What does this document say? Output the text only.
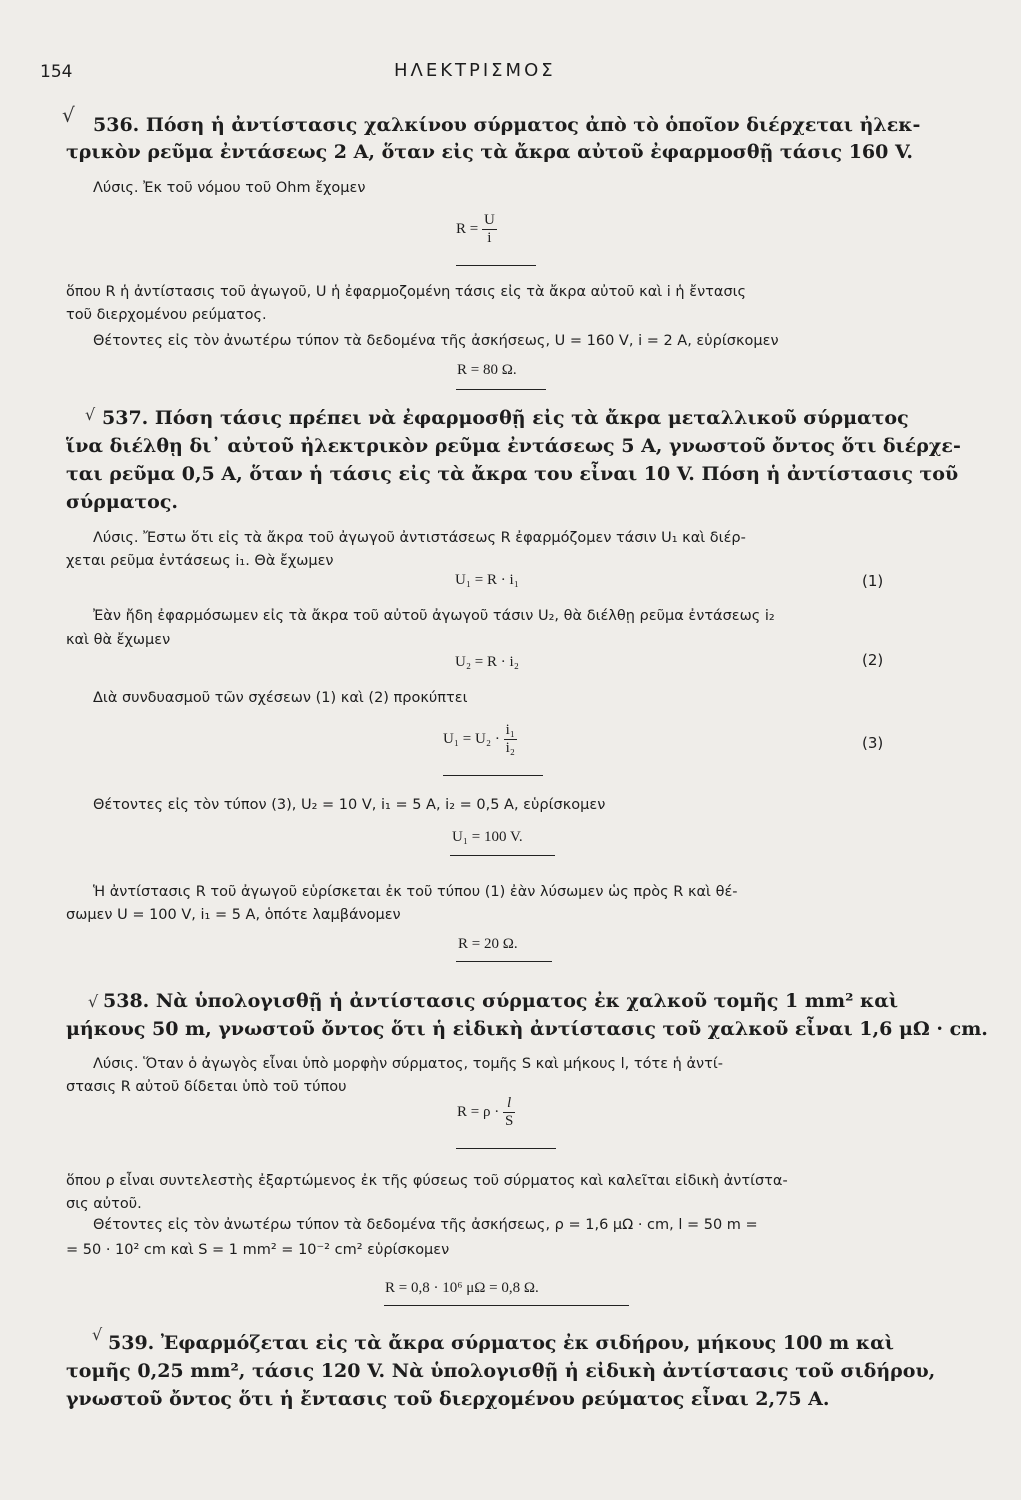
154	ΗΛΕΚΤΡΙΣΜΟΣ
√ 536. Πόση ἡ ἀντίστασις χαλκίνου σύρματος ἀπὸ τὸ ὁποῖον διέρχεται ἠλεκ-
τρικὸν ρεῦμα ἐντάσεως 2 Α, ὅταν εἰς τὰ ἄκρα αὐτοῦ ἐφαρμοσθῇ τάσις 160 V.
Λύσις. Ἐκ τοῦ νόμου τοῦ Ohm ἔχομεν
$R = \frac{U}{i}$
ὅπου R ἡ ἀντίστασις τοῦ ἀγωγοῦ, U ἡ ἐφαρμοζομένη τάσις εἰς τὰ ἄκρα αὐτοῦ καὶ i ἡ ἔντασις
τοῦ διερχομένου ρεύματος.
Θέτοντες εἰς τὸν ἀνωτέρω τύπον τὰ δεδομένα τῆς ἀσκήσεως, U = 160 V, i = 2 A, εὑρίσκομεν
R = 80 Ω.
√ 537. Πόση τάσις πρέπει νὰ ἐφαρμοσθῇ εἰς τὰ ἄκρα μεταλλικοῦ σύρματος
ἵνα διέλθῃ δι᾽ αὐτοῦ ἠλεκτρικὸν ρεῦμα ἐντάσεως 5 Α, γνωστοῦ ὄντος ὅτι διέρχε-
ται ρεῦμα 0,5 Α, ὅταν ἡ τάσις εἰς τὰ ἄκρα του εἶναι 10 V. Πόση ἡ ἀντίστασις τοῦ
σύρματος.
Λύσις. Ἔστω ὅτι εἰς τὰ ἄκρα τοῦ ἀγωγοῦ ἀντιστάσεως R ἐφαρμόζομεν τάσιν U₁ καὶ διέρ-
χεται ρεῦμα ἐντάσεως i₁. Θὰ ἔχωμεν
U₁ = R · i₁	(1)
Ἐὰν ἤδη ἐφαρμόσωμεν εἰς τὰ ἄκρα τοῦ αὐτοῦ ἀγωγοῦ τάσιν U₂, θὰ διέλθῃ ρεῦμα ἐντάσεως i₂
καὶ θὰ ἔχωμεν
U₂ = R · i₂	(2)
Διὰ συνδυασμοῦ τῶν σχέσεων (1) καὶ (2) προκύπτει
$U_1 = U_2 \cdot \frac{\text{i₁}}{\text{i₂}}$	(3)
Θέτοντες εἰς τὸν τύπον (3), U₂ = 10 V, i₁ = 5 A, i₂ = 0,5 A, εὑρίσκομεν
U₁ = 100 V.
Ἡ ἀντίστασις R τοῦ ἀγωγοῦ εὑρίσκεται ἐκ τοῦ τύπου (1) ἐὰν λύσωμεν ὡς πρὸς R καὶ θέ-
σωμεν U = 100 V, i₁ = 5 A, ὁπότε λαμβάνομεν
R = 20 Ω.
√ 538. Νὰ ὑπολογισθῇ ἡ ἀντίστασις σύρματος ἐκ χαλκοῦ τομῆς 1 mm² καὶ
μήκους 50 m, γνωστοῦ ὄντος ὅτι ἡ εἰδικὴ ἀντίστασις τοῦ χαλκοῦ εἶναι 1,6 μΩ · cm.
Λύσις. Ὅταν ὁ ἀγωγὸς εἶναι ὑπὸ μορφὴν σύρματος, τομῆς S καὶ μήκους l, τότε ἡ ἀντί-
στασις R αὐτοῦ δίδεται ὑπὸ τοῦ τύπου
$R = \rho \cdot \frac{l}{S}$
ὅπου ρ εἶναι συντελεστὴς ἐξαρτώμενος ἐκ τῆς φύσεως τοῦ σύρματος καὶ καλεῖται εἰδικὴ ἀντίστα-
σις αὐτοῦ.
Θέτοντες εἰς τὸν ἀνωτέρω τύπον τὰ δεδομένα τῆς ἀσκήσεως, ρ = 1,6 μΩ · cm, l = 50 m =
= 50 · 10² cm καὶ S = 1 mm² = 10⁻² cm² εὑρίσκομεν
R = 0,8 · 10⁶ μΩ = 0,8 Ω.
√ 539. Ἐφαρμόζεται εἰς τὰ ἄκρα σύρματος ἐκ σιδήρου, μήκους 100 m καὶ
τομῆς 0,25 mm², τάσις 120 V. Νὰ ὑπολογισθῇ ἡ εἰδικὴ ἀντίστασις τοῦ σιδήρου,
γνωστοῦ ὄντος ὅτι ἡ ἔντασις τοῦ διερχομένου ρεύματος εἶναι 2,75 Α.
